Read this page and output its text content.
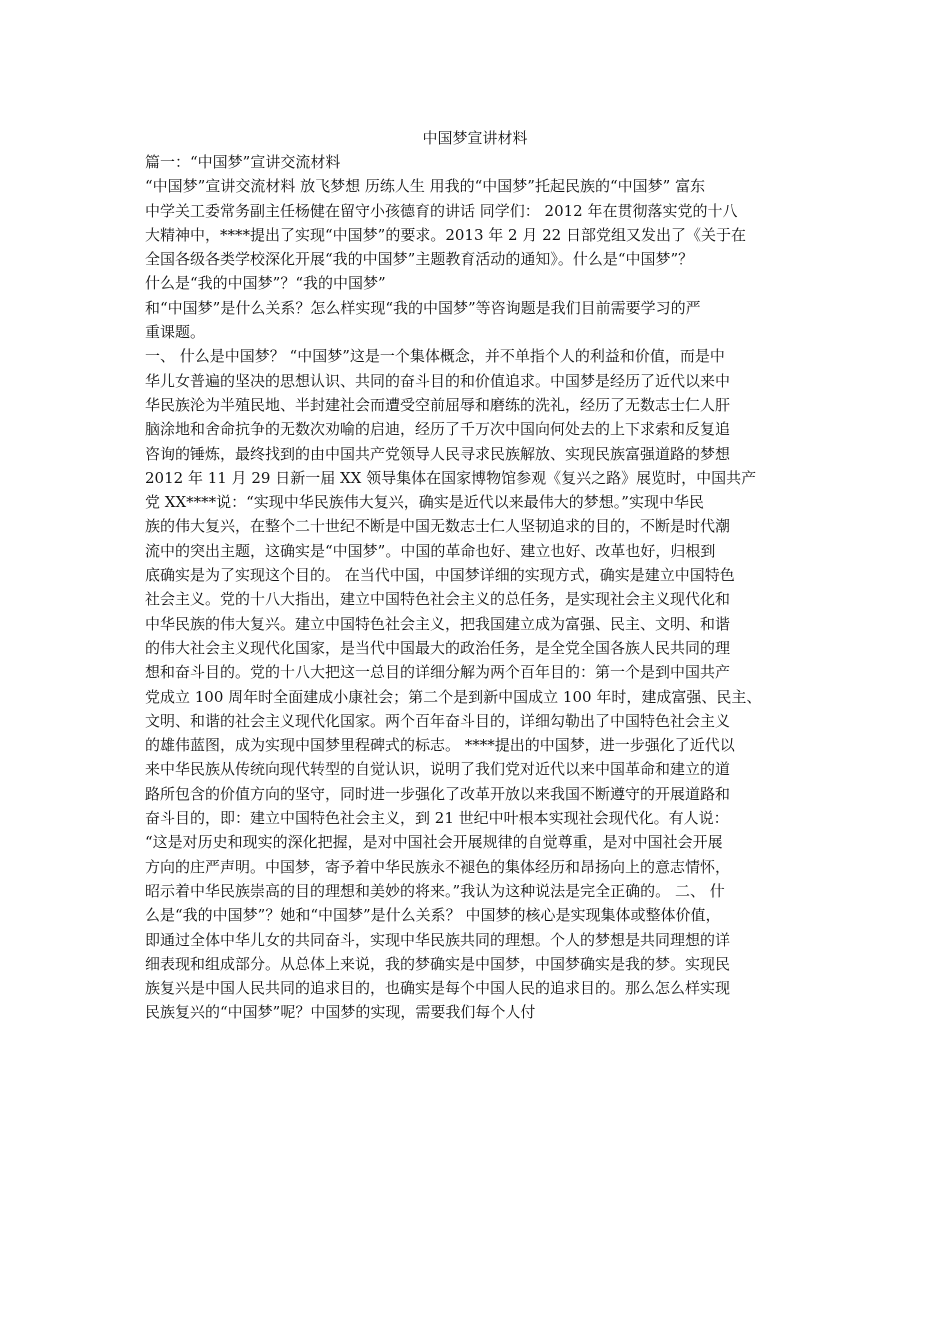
中国梦宣讲材料
篇一：“中国梦”宣讲交流材料
“中国梦”宣讲交流材料 放飞梦想 历练人生 用我的“中国梦”托起民族的“中国梦” 富东
中学关工委常务副主任杨健在留守小孩德育的讲话 同学们： 2012 年在贯彻落实党的十八
大精神中，****提出了实现“中国梦”的要求。2013 年 2 月 22 日部党组又发出了《关于在
全国各级各类学校深化开展“我的中国梦”主题教育活动的通知》。什么是“中国梦”？
什么是“我的中国梦”？“我的中国梦”
和“中国梦”是什么关系？怎么样实现“我的中国梦”等咨询题是我们目前需要学习的严
重课题。
一、 什么是中国梦？ “中国梦”这是一个集体概念，并不单指个人的利益和价值，而是中
华儿女普遍的坚决的思想认识、共同的奋斗目的和价值追求。中国梦是经历了近代以来中
华民族沦为半殖民地、半封建社会而遭受空前屈辱和磨练的洗礼，经历了无数志士仁人肝
脑涂地和舍命抗争的无数次劝喻的启迪，经历了千万次中国向何处去的上下求索和反复追
咨询的锤炼，最终找到的由中国共产党领导人民寻求民族解放、实现民族富强道路的梦想
2012 年 11 月 29 日新一届 XX 领导集体在国家博物馆参观《复兴之路》展览时，中国共产
党 XX****说：“实现中华民族伟大复兴，确实是近代以来最伟大的梦想。”实现中华民
族的伟大复兴，在整个二十世纪不断是中国无数志士仁人坚韧追求的目的，不断是时代潮
流中的突出主题，这确实是“中国梦”。中国的革命也好、建立也好、改革也好，归根到
底确实是为了实现这个目的。 在当代中国，中国梦详细的实现方式，确实是建立中国特色
社会主义。党的十八大指出，建立中国特色社会主义的总任务，是实现社会主义现代化和
中华民族的伟大复兴。建立中国特色社会主义，把我国建立成为富强、民主、文明、和谐
的伟大社会主义现代化国家，是当代中国最大的政治任务，是全党全国各族人民共同的理
想和奋斗目的。党的十八大把这一总目的详细分解为两个百年目的：第一个是到中国共产
党成立 100 周年时全面建成小康社会；第二个是到新中国成立 100 年时，建成富强、民主、
文明、和谐的社会主义现代化国家。两个百年奋斗目的，详细勾勒出了中国特色社会主义
的雄伟蓝图，成为实现中国梦里程碑式的标志。 ****提出的中国梦，进一步强化了近代以
来中华民族从传统向现代转型的自觉认识，说明了我们党对近代以来中国革命和建立的道
路所包含的价值方向的坚守，同时进一步强化了改革开放以来我国不断遵守的开展道路和
奋斗目的，即：建立中国特色社会主义，到 21 世纪中叶根本实现社会现代化。有人说：
“这是对历史和现实的深化把握，是对中国社会开展规律的自觉尊重，是对中国社会开展
方向的庄严声明。中国梦，寄予着中华民族永不褪色的集体经历和昂扬向上的意志情怀，
昭示着中华民族崇高的目的理想和美妙的将来。”我认为这种说法是完全正确的。 二、 什
么是“我的中国梦”？她和“中国梦”是什么关系？ 中国梦的核心是实现集体或整体价值，
即通过全体中华儿女的共同奋斗，实现中华民族共同的理想。个人的梦想是共同理想的详
细表现和组成部分。从总体上来说，我的梦确实是中国梦，中国梦确实是我的梦。实现民
族复兴是中国人民共同的追求目的，也确实是每个中国人民的追求目的。那么怎么样实现
民族复兴的“中国梦”呢？中国梦的实现，需要我们每个人付
